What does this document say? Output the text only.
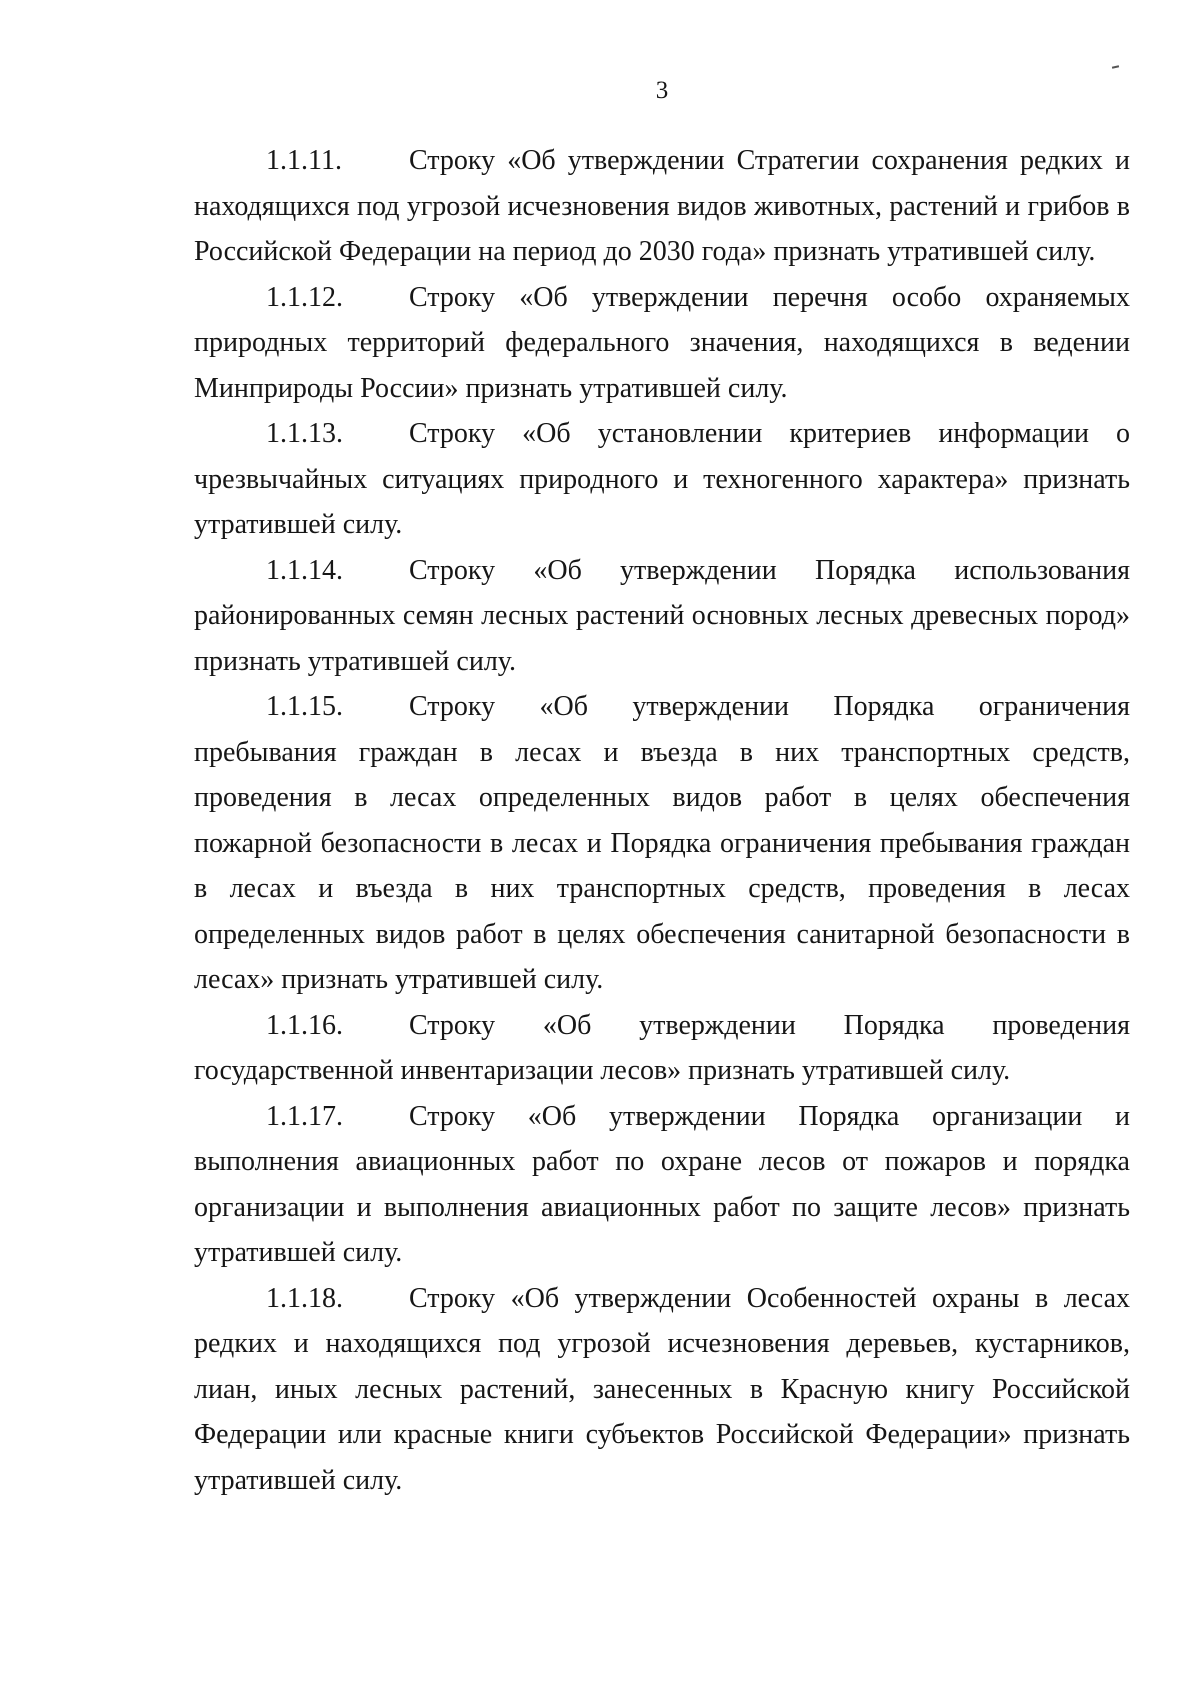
3

1.1.11. Строку «Об утверждении Стратегии сохранения редких и находящихся под угрозой исчезновения видов животных, растений и грибов в Российской Федерации на период до 2030 года» признать утратившей силу.

1.1.12. Строку «Об утверждении перечня особо охраняемых природных территорий федерального значения, находящихся в ведении Минприроды России» признать утратившей силу.

1.1.13. Строку «Об установлении критериев информации о чрезвычайных ситуациях природного и техногенного характера» признать утратившей силу.

1.1.14. Строку «Об утверждении Порядка использования районированных семян лесных растений основных лесных древесных пород» признать утратившей силу.

1.1.15. Строку «Об утверждении Порядка ограничения пребывания граждан в лесах и въезда в них транспортных средств, проведения в лесах определенных видов работ в целях обеспечения пожарной безопасности в лесах и Порядка ограничения пребывания граждан в лесах и въезда в них транспортных средств, проведения в лесах определенных видов работ в целях обеспечения санитарной безопасности в лесах» признать утратившей силу.

1.1.16. Строку «Об утверждении Порядка проведения государственной инвентаризации лесов» признать утратившей силу.

1.1.17. Строку «Об утверждении Порядка организации и выполнения авиационных работ по охране лесов от пожаров и порядка организации и выполнения авиационных работ по защите лесов» признать утратившей силу.

1.1.18. Строку «Об утверждении Особенностей охраны в лесах редких и находящихся под угрозой исчезновения деревьев, кустарников, лиан, иных лесных растений, занесенных в Красную книгу Российской Федерации или красные книги субъектов Российской Федерации» признать утратившей силу.
